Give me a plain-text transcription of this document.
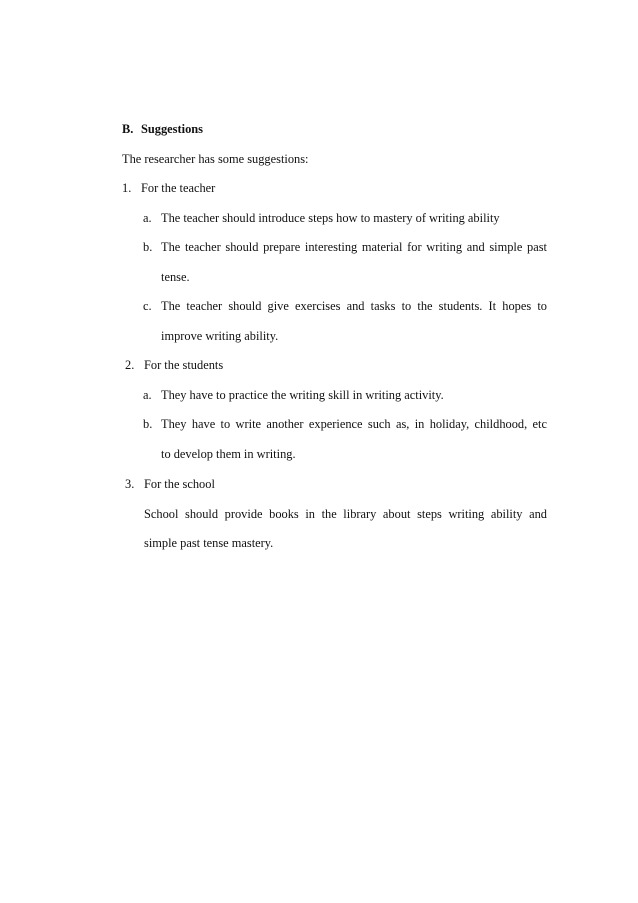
B. Suggestions
The researcher has some suggestions:
1. For the teacher
a. The teacher should introduce steps how to mastery of writing ability
b. The teacher should prepare interesting material for writing and simple past
tense.
c. The teacher should give exercises and tasks to the students. It hopes to
improve writing ability.
2. For the students
a. They have to practice the writing skill in writing activity.
b. They have to write another experience such as, in holiday, childhood, etc
to develop them in writing.
3. For the school
School should provide books in the library about steps writing ability and
simple past tense mastery.
